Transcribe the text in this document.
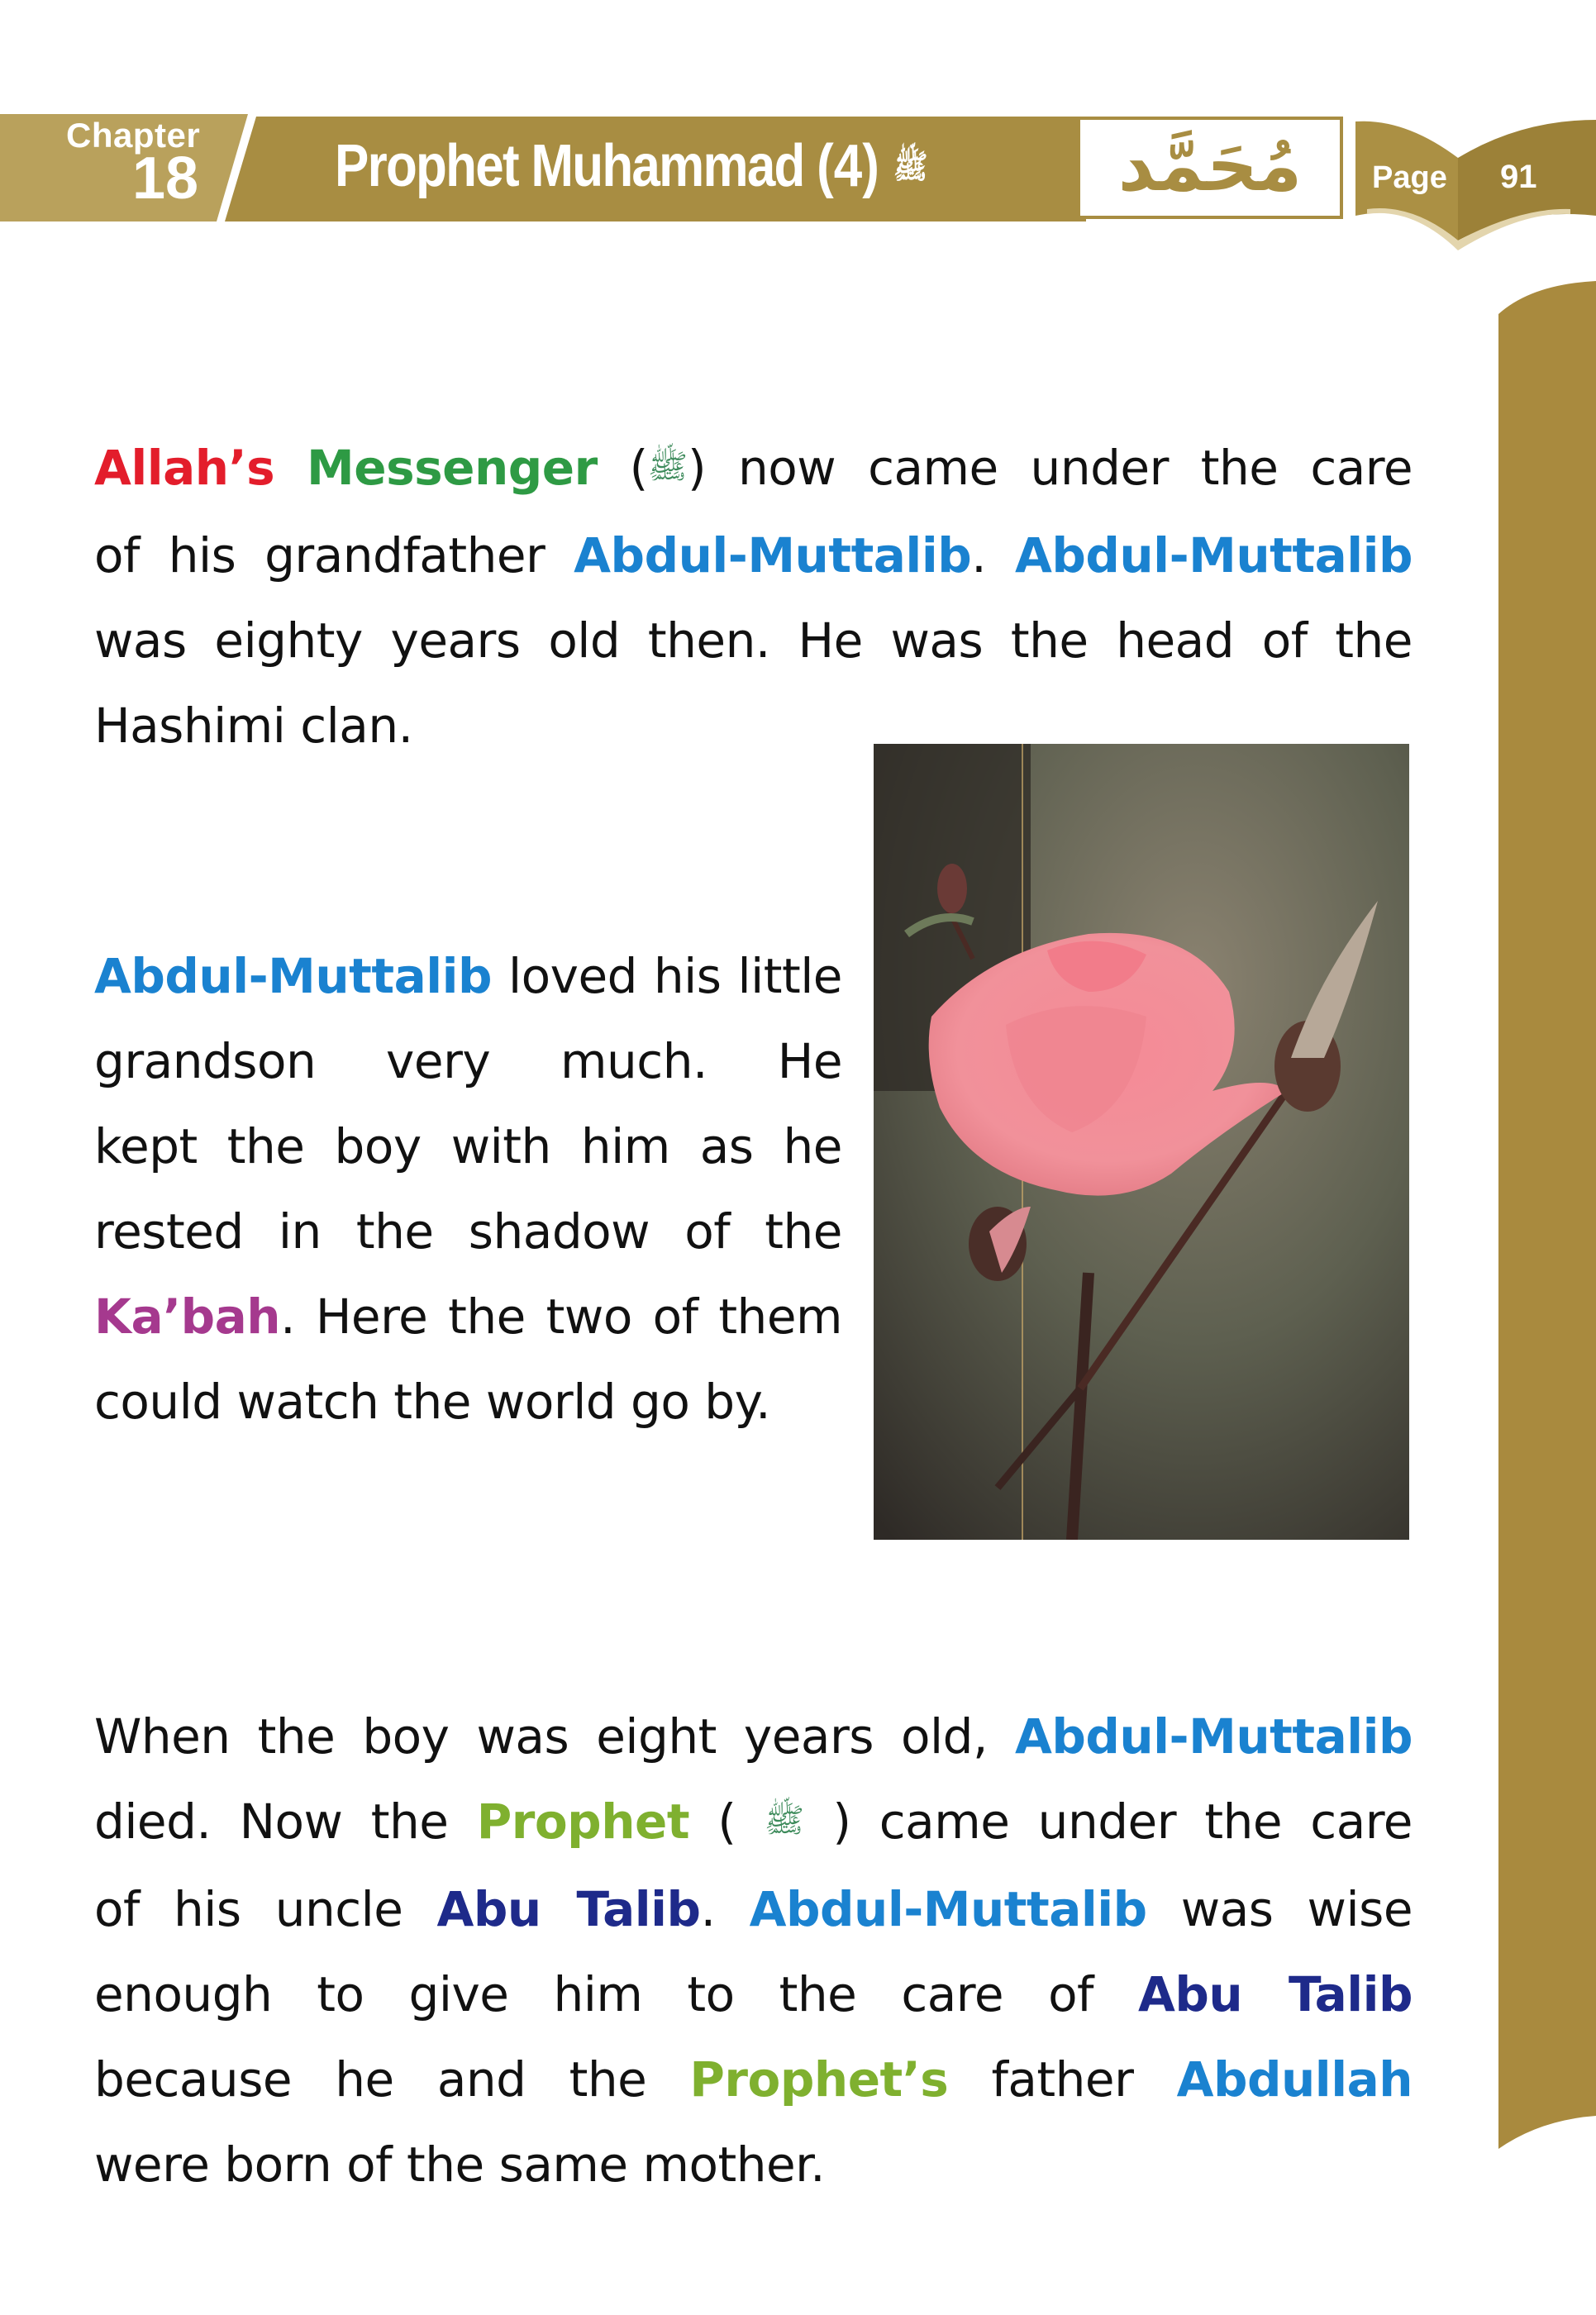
Chapter
18 Prophet Muhammad	ﷺ (4)	مُحَمَّد	Page 91
Allah’s Messenger (ﷺ) now came under the care
of his grandfather Abdul-Muttalib. Abdul-Muttalib
was eighty years old then. He was the head of the
Hashimi clan.
Abdul-Muttalib loved his little
grandson very much. He
kept the boy with him as he
rested in the shadow of the
Ka’bah. Here the two of them
could watch the world go by.
When the boy was eight years old, Abdul-Muttalib
died. Now the Prophet ( ﷺ ) came under the care
of his uncle Abu Talib. Abdul-Muttalib was wise
enough to give him to the care of Abu Talib
because he and the Prophet’s father Abdullah
were born of the same mother.
